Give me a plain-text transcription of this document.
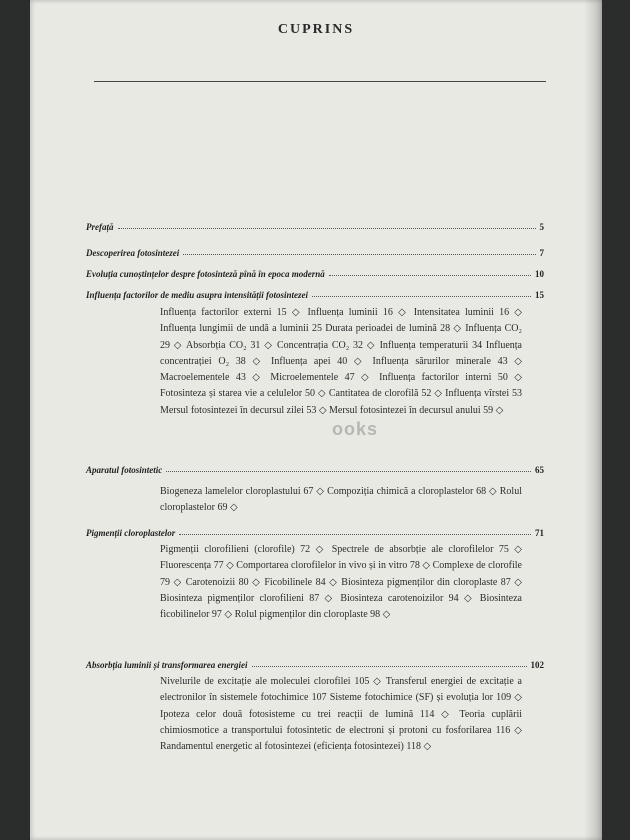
CUPRINS
Prefață	5
Descoperirea fotosintezei	7
Evoluția cunoștințelor despre fotosinteză pînă în epoca modernă	10
Influența factorilor de mediu asupra intensității fotosintezei	15
Influența factorilor externi 15 ◇ Influența luminii 16 ◇ Intensitatea luminii 16 ◇ Influența lungimii de undă a luminii 25 Durata perioadei de lumină 28 ◇ Influența CO₂ 29 ◇ Absorbția CO₂ 31 ◇ Concentrația CO₂ 32 ◇ Influența temperaturii 34 Influența concentrației O₂ 38 ◇ Influența apei 40 ◇ Influența sărurilor minerale 43 ◇ Macroelementele 43 ◇ Microelementele 47 ◇ Influența factorilor interni 50 ◇ Fotosinteza și starea vie a celulelor 50 ◇ Cantitatea de clorofilă 52 ◇ Influența vîrstei 53 Mersul fotosintezei în decursul zilei 53 ◇ Mersul fotosintezei în decursul anului 59 ◇
ooks
Aparatul fotosintetic	65
Biogeneza lamelelor cloroplastului 67 ◇ Compoziția chimică a cloroplastelor 68 ◇ Rolul cloroplastelor 69 ◇
Pigmenții cloroplastelor	71
Pigmenții clorofilieni (clorofile) 72 ◇ Spectrele de absorbție ale clorofilelor 75 ◇ Fluorescența 77 ◇ Comportarea clorofilelor in vivo și in vitro 78 ◇ Complexe de clorofile 79 ◇ Carotenoizii 80 ◇ Ficobilinele 84 ◇ Biosinteza pigmenților din cloroplaste 87 ◇ Biosinteza pigmenților clorofilieni 87 ◇ Biosinteza carotenoizilor 94 ◇ Biosinteza ficobilinelor 97 ◇ Rolul pigmenților din cloroplaste 98 ◇
Absorbția luminii și transformarea energiei	102
Nivelurile de excitație ale moleculei clorofilei 105 ◇ Transferul energiei de excitație a electronilor în sistemele fotochimice 107 Sisteme fotochimice (SF) și evoluția lor 109 ◇ Ipoteza celor două fotosisteme cu trei reacții de lumină 114 ◇ Teoria cuplării chimiosmotice a transportului fotosintetic de electroni și protoni cu fosforilarea 116 ◇ Randamentul energetic al fotosintezei (eficiența fotosintezei) 118 ◇
